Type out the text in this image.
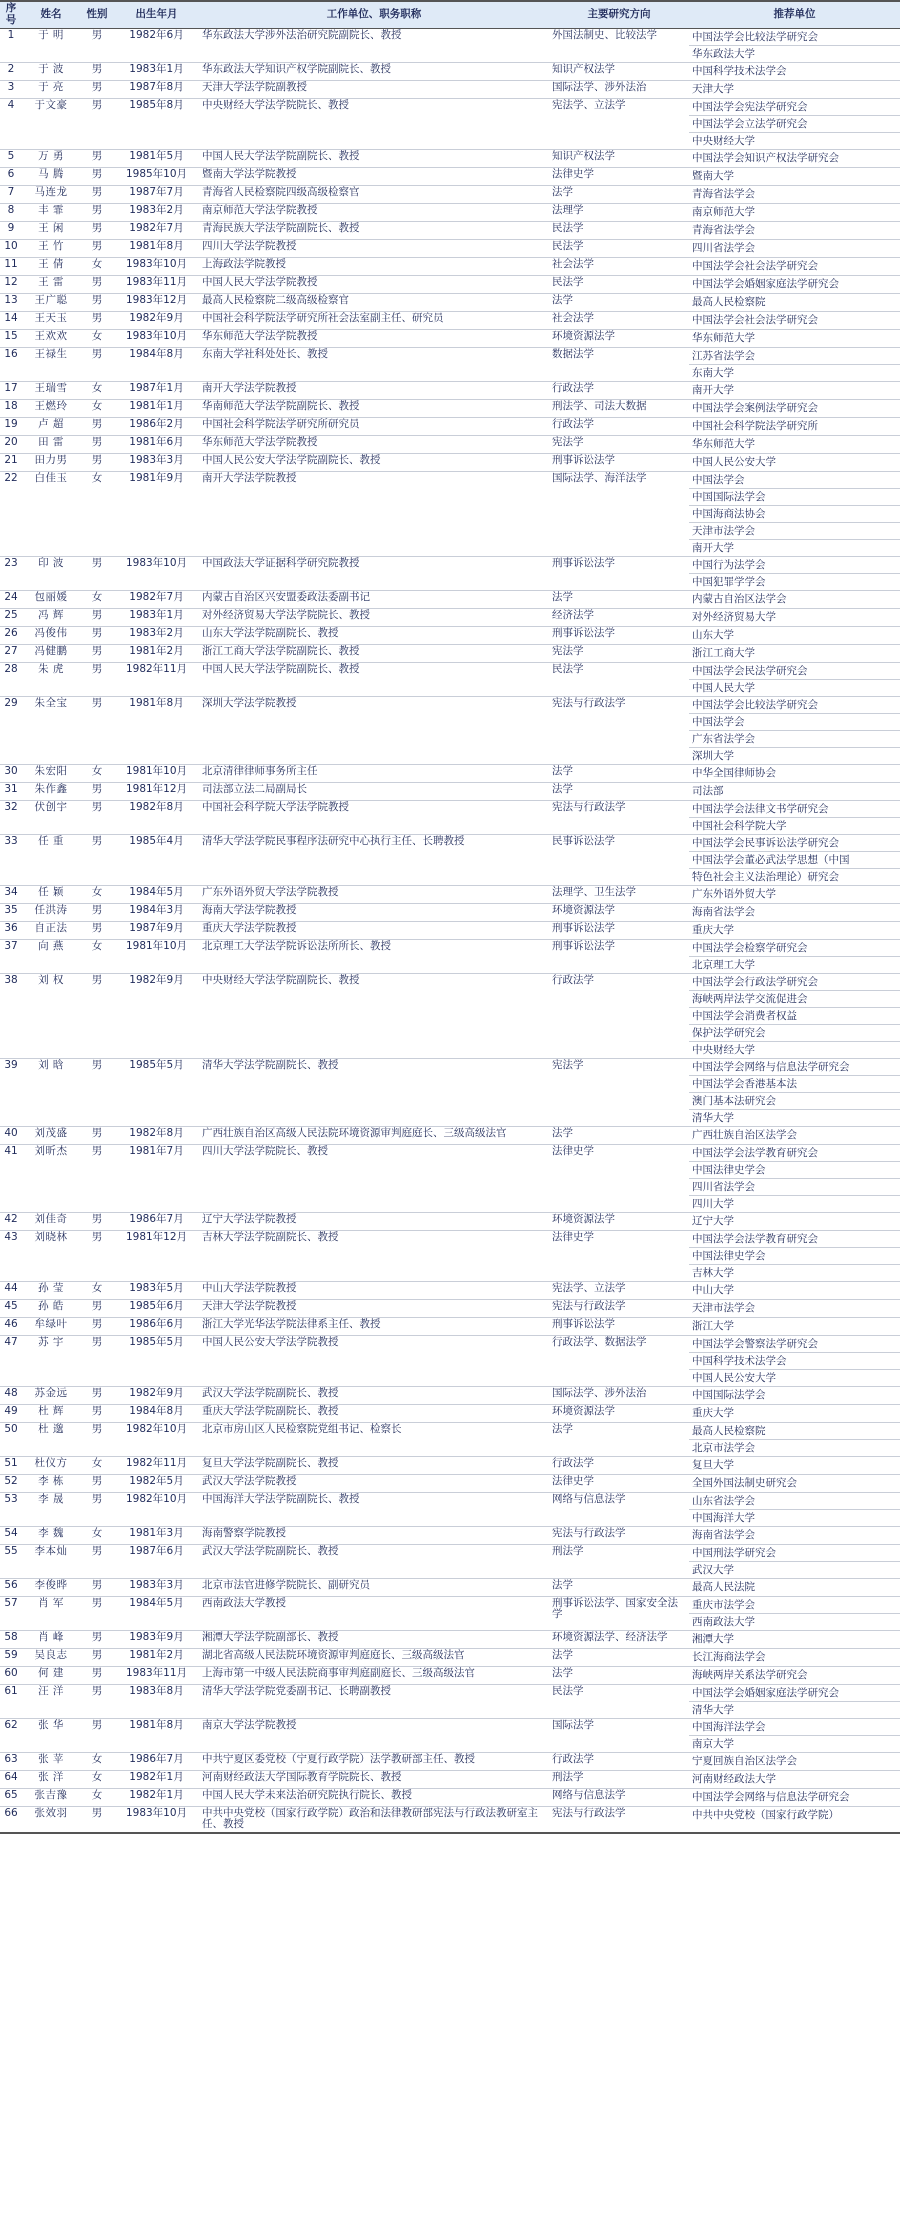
序号	姓名	性别	出生年月	工作单位、职务职称	主要研究方向	推荐单位
1	于 明	男	1982年6月	华东政法大学涉外法治研究院副院长、教授	外国法制史、比较法学	中国法学会比较法学研究会
华东政法大学

2	于 波	男	1983年1月	华东政法大学知识产权学院副院长、教授	知识产权法学	中国科学技术法学会

3	于 亮	男	1987年8月	天津大学法学院副教授	国际法学、涉外法治	天津大学

4	于文豪	男	1985年8月	中央财经大学法学院院长、教授	宪法学、立法学	中国法学会宪法学研究会
中国法学会立法学研究会
中央财经大学

5	万 勇	男	1981年5月	中国人民大学法学院副院长、教授	知识产权法学	中国法学会知识产权法学研究会

6	马 腾	男	1985年10月	暨南大学法学院教授	法律史学	暨南大学

7	马连龙	男	1987年7月	青海省人民检察院四级高级检察官	法学	青海省法学会

8	丰 霏	男	1983年2月	南京师范大学法学院教授	法理学	南京师范大学

9	王 闲	男	1982年7月	青海民族大学法学院副院长、教授	民法学	青海省法学会

10	王 竹	男	1981年8月	四川大学法学院教授	民法学	四川省法学会

11	王 倩	女	1983年10月	上海政法学院教授	社会法学	中国法学会社会法学研究会

12	王 雷	男	1983年11月	中国人民大学法学院教授	民法学	中国法学会婚姻家庭法学研究会

13	王广聪	男	1983年12月	最高人民检察院二级高级检察官	法学	最高人民检察院

14	王天玉	男	1982年9月	中国社会科学院法学研究所社会法室副主任、研究员	社会法学	中国法学会社会法学研究会

15	王欢欢	女	1983年10月	华东师范大学法学院教授	环境资源法学	华东师范大学

16	王禄生	男	1984年8月	东南大学社科处处长、教授	数据法学	江苏省法学会
东南大学

17	王瑞雪	女	1987年1月	南开大学法学院教授	行政法学	南开大学

18	王燃玲	女	1981年1月	华南师范大学法学院副院长、教授	刑法学、司法大数据	中国法学会案例法学研究会

19	卢 超	男	1986年2月	中国社会科学院法学研究所研究员	行政法学	中国社会科学院法学研究所

20	田 雷	男	1981年6月	华东师范大学法学院教授	宪法学	华东师范大学

21	田力男	男	1983年3月	中国人民公安大学法学院副院长、教授	刑事诉讼法学	中国人民公安大学

22	白佳玉	女	1981年9月	南开大学法学院教授	国际法学、海洋法学	中国法学会
中国国际法学会
中国海商法协会
天津市法学会
南开大学

23	印 波	男	1983年10月	中国政法大学证据科学研究院教授	刑事诉讼法学	中国行为法学会
中国犯罪学学会

24	包丽媛	女	1982年7月	内蒙古自治区兴安盟委政法委副书记	法学	内蒙古自治区法学会

25	冯 辉	男	1983年1月	对外经济贸易大学法学院院长、教授	经济法学	对外经济贸易大学

26	冯俊伟	男	1983年2月	山东大学法学院副院长、教授	刑事诉讼法学	山东大学

27	冯健鹏	男	1981年2月	浙江工商大学法学院副院长、教授	宪法学	浙江工商大学

28	朱 虎	男	1982年11月	中国人民大学法学院副院长、教授	民法学	中国法学会民法学研究会
中国人民大学

29	朱全宝	男	1981年8月	深圳大学法学院教授	宪法与行政法学	中国法学会比较法学研究会
中国法学会
广东省法学会
深圳大学

30	朱宏阳	女	1981年10月	北京清律律师事务所主任	法学	中华全国律师协会

31	朱作鑫	男	1981年12月	司法部立法二局副局长	法学	司法部

32	伏创宇	男	1982年8月	中国社会科学院大学法学院教授	宪法与行政法学	中国法学会法律文书学研究会
中国社会科学院大学

33	任 重	男	1985年4月	清华大学法学院民事程序法研究中心执行主任、长聘教授	民事诉讼法学	中国法学会民事诉讼法学研究会
中国法学会董必武法学思想（中国
特色社会主义法治理论）研究会

34	任 颖	女	1984年5月	广东外语外贸大学法学院教授	法理学、卫生法学	广东外语外贸大学

35	任洪涛	男	1984年3月	海南大学法学院教授	环境资源法学	海南省法学会

36	自正法	男	1987年9月	重庆大学法学院教授	刑事诉讼法学	重庆大学

37	向 燕	女	1981年10月	北京理工大学法学院诉讼法所所长、教授	刑事诉讼法学	中国法学会检察学研究会
北京理工大学

38	刘 权	男	1982年9月	中央财经大学法学院副院长、教授	行政法学	中国法学会行政法学研究会
海峡两岸法学交流促进会
中国法学会消费者权益
保护法学研究会
中央财经大学

39	刘 晗	男	1985年5月	清华大学法学院副院长、教授	宪法学	中国法学会网络与信息法学研究会
中国法学会香港基本法
澳门基本法研究会
清华大学

40	刘茂盛	男	1982年8月	广西壮族自治区高级人民法院环境资源审判庭庭长、三级高级法官	法学	广西壮族自治区法学会

41	刘昕杰	男	1981年7月	四川大学法学院院长、教授	法律史学	中国法学会法学教育研究会
中国法律史学会
四川省法学会
四川大学

42	刘佳奇	男	1986年7月	辽宁大学法学院教授	环境资源法学	辽宁大学

43	刘晓林	男	1981年12月	吉林大学法学院副院长、教授	法律史学	中国法学会法学教育研究会
中国法律史学会
吉林大学

44	孙 莹	女	1983年5月	中山大学法学院教授	宪法学、立法学	中山大学

45	孙 皓	男	1985年6月	天津大学法学院教授	宪法与行政法学	天津市法学会

46	牟绿叶	男	1986年6月	浙江大学光华法学院法律系主任、教授	刑事诉讼法学	浙江大学

47	苏 宇	男	1985年5月	中国人民公安大学法学院教授	行政法学、数据法学	中国法学会警察法学研究会
中国科学技术法学会
中国人民公安大学

48	苏金远	男	1982年9月	武汉大学法学院副院长、教授	国际法学、涉外法治	中国国际法学会

49	杜 辉	男	1984年8月	重庆大学法学院副院长、教授	环境资源法学	重庆大学

50	杜 邈	男	1982年10月	北京市房山区人民检察院党组书记、检察长	法学	最高人民检察院
北京市法学会

51	杜仪方	女	1982年11月	复旦大学法学院副院长、教授	行政法学	复旦大学

52	李 栋	男	1982年5月	武汉大学法学院教授	法律史学	全国外国法制史研究会

53	李 晟	男	1982年10月	中国海洋大学法学院副院长、教授	网络与信息法学	山东省法学会
中国海洋大学

54	李 魏	女	1981年3月	海南警察学院教授	宪法与行政法学	海南省法学会

55	李本灿	男	1987年6月	武汉大学法学院副院长、教授	刑法学	中国刑法学研究会
武汉大学

56	李俊晔	男	1983年3月	北京市法官进修学院院长、副研究员	法学	最高人民法院

57	肖 军	男	1984年5月	西南政法大学教授	刑事诉讼法学、国家安全法学	重庆市法学会
西南政法大学

58	肖 峰	男	1983年9月	湘潭大学法学院副部长、教授	环境资源法学、经济法学	湘潭大学

59	吴良志	男	1981年2月	湖北省高级人民法院环境资源审判庭庭长、三级高级法官	法学	长江海商法学会

60	何 建	男	1983年11月	上海市第一中级人民法院商事审判庭副庭长、三级高级法官	法学	海峡两岸关系法学研究会

61	汪 洋	男	1983年8月	清华大学法学院党委副书记、长聘副教授	民法学	中国法学会婚姻家庭法学研究会
清华大学

62	张 华	男	1981年8月	南京大学法学院教授	国际法学	中国海洋法学会
南京大学

63	张 苹	女	1986年7月	中共宁夏区委党校（宁夏行政学院）法学教研部主任、教授	行政法学	宁夏回族自治区法学会

64	张 洋	女	1982年1月	河南财经政法大学国际教育学院院长、教授	刑法学	河南财经政法大学

65	张吉豫	女	1982年1月	中国人民大学未来法治研究院执行院长、教授	网络与信息法学	中国法学会网络与信息法学研究会

66	张效羽	男	1983年10月	中共中央党校（国家行政学院）政治和法律教研部宪法与行政法教研室主任、教授	宪法与行政法学	中共中央党校（国家行政学院）
